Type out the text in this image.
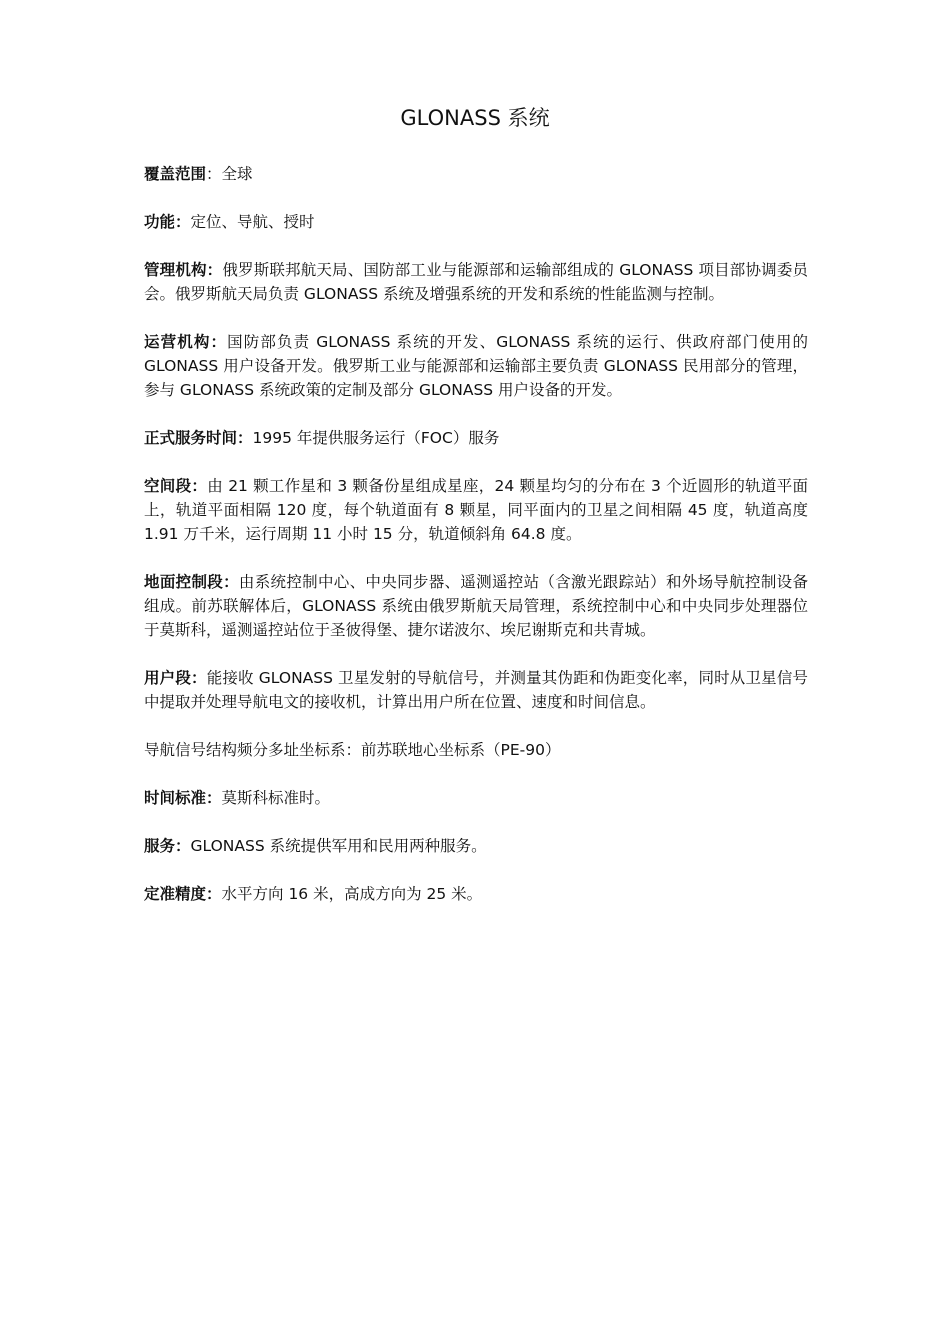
GLONASS 系统

覆盖范围：全球

功能：定位、导航、授时

管理机构：俄罗斯联邦航天局、国防部工业与能源部和运输部组成的 GLONASS 项目部协调委员会。俄罗斯航天局负责 GLONASS 系统及增强系统的开发和系统的性能监测与控制。

运营机构：国防部负责 GLONASS 系统的开发、GLONASS 系统的运行、供政府部门使用的 GLONASS 用户设备开发。俄罗斯工业与能源部和运输部主要负责 GLONASS 民用部分的管理，参与 GLONASS 系统政策的定制及部分 GLONASS 用户设备的开发。

正式服务时间：1995 年提供服务运行（FOC）服务

空间段：由 21 颗工作星和 3 颗备份星组成星座，24 颗星均匀的分布在 3 个近圆形的轨道平面上，轨道平面相隔 120 度，每个轨道面有 8 颗星，同平面内的卫星之间相隔 45 度，轨道高度 1.91 万千米，运行周期 11 小时 15 分，轨道倾斜角 64.8 度。

地面控制段：由系统控制中心、中央同步器、遥测遥控站（含激光跟踪站）和外场导航控制设备组成。前苏联解体后，GLONASS 系统由俄罗斯航天局管理，系统控制中心和中央同步处理器位于莫斯科，遥测遥控站位于圣彼得堡、捷尔诺波尔、埃尼谢斯克和共青城。

用户段：能接收 GLONASS 卫星发射的导航信号，并测量其伪距和伪距变化率，同时从卫星信号中提取并处理导航电文的接收机，计算出用户所在位置、速度和时间信息。

导航信号结构频分多址坐标系：前苏联地心坐标系（PE-90）

时间标准：莫斯科标准时。

服务：GLONASS 系统提供军用和民用两种服务。

定准精度：水平方向 16 米，高成方向为 25 米。
